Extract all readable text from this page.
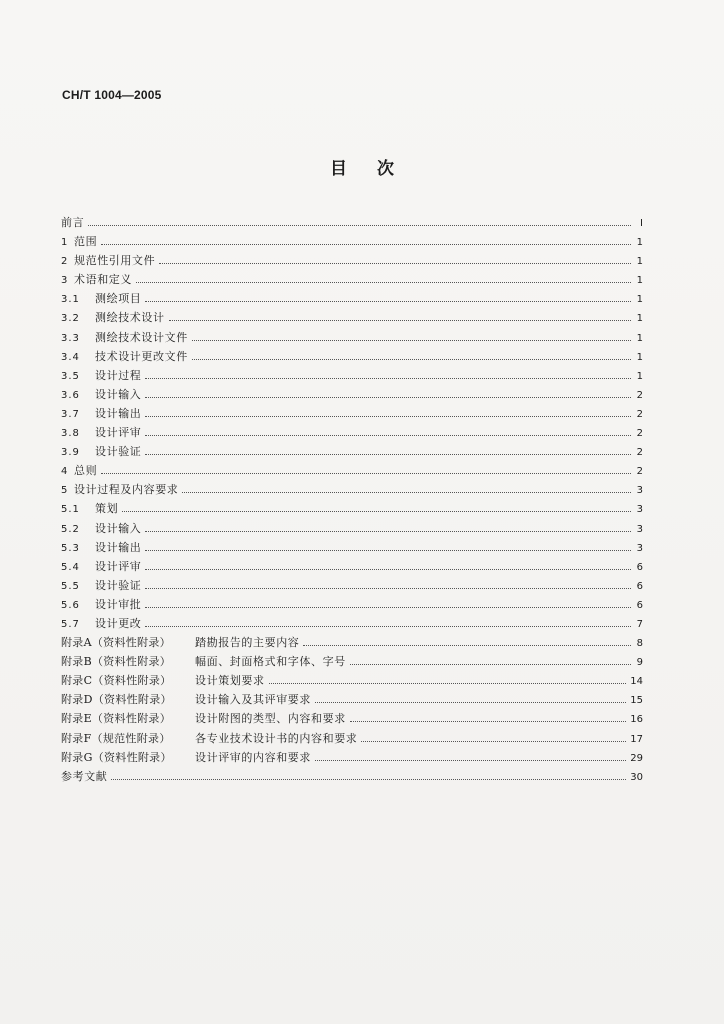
CH/T 1004—2005
目 次
前言	Ⅰ
1 范围	1
2 规范性引用文件	1
3 术语和定义	1
3.1	测绘项目	1
3.2	测绘技术设计	1
3.3	测绘技术设计文件	1
3.4	技术设计更改文件	1
3.5	设计过程	1
3.6	设计输入	2
3.7	设计输出	2
3.8	设计评审	2
3.9	设计验证	2
4 总则	2
5 设计过程及内容要求	3
5.1	策划	3
5.2	设计输入	3
5.3	设计输出	3
5.4	设计评审	6
5.5	设计验证	6
5.6	设计审批	6
5.7	设计更改	7
附录A（资料性附录）	踏勘报告的主要内容	8
附录B（资料性附录）	幅面、封面格式和字体、字号	9
附录C（资料性附录）	设计策划要求	14
附录D（资料性附录）	设计输入及其评审要求	15
附录E（资料性附录）	设计附图的类型、内容和要求	16
附录F（规范性附录）	各专业技术设计书的内容和要求	17
附录G（资料性附录）	设计评审的内容和要求	29
参考文献	30
